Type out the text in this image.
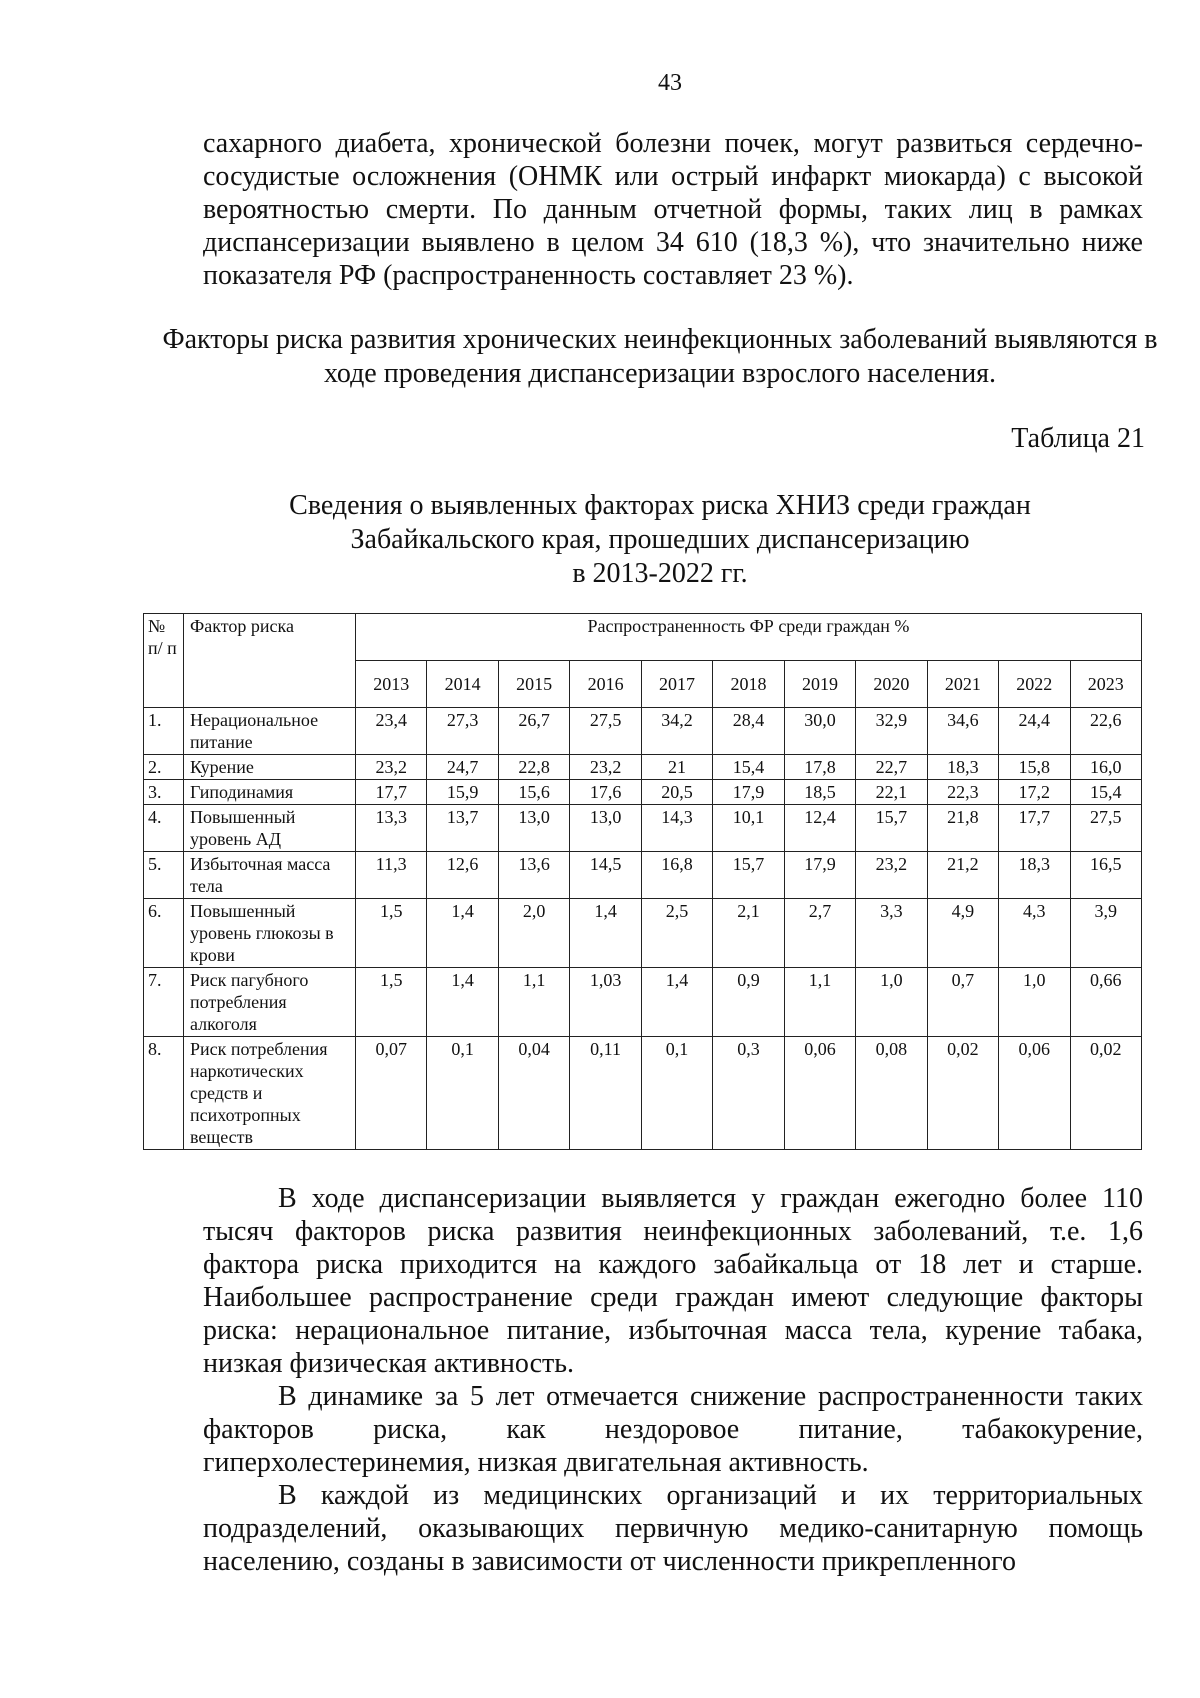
43

сахарного диабета, хронической болезни почек, могут развиться сердечно-сосудистые осложнения (ОНМК или острый инфаркт миокарда) с высокой вероятностью смерти. По данным отчетной формы, таких лиц в рамках диспансеризации выявлено в целом 34 610 (18,3 %), что значительно ниже показателя РФ (распространенность составляет 23 %).

Факторы риска развития хронических неинфекционных заболеваний выявляются в ходе проведения диспансеризации взрослого населения.
Таблица 21
Сведения о выявленных факторах риска ХНИЗ среди граждан
Забайкальского края, прошедших диспансеризацию
в 2013-2022 гг.
№ п/ п	Фактор риска	Распространенность ФР среди граждан %										
		2013	2014	2015	2016	2017	2018	2019	2020	2021	2022	2023
1.	Нерациональное питание	23,4	27,3	26,7	27,5	34,2	28,4	30,0	32,9	34,6	24,4	22,6
2.	Курение	23,2	24,7	22,8	23,2	21	15,4	17,8	22,7	18,3	15,8	16,0
3.	Гиподинамия	17,7	15,9	15,6	17,6	20,5	17,9	18,5	22,1	22,3	17,2	15,4
4.	Повышенный уровень АД	13,3	13,7	13,0	13,0	14,3	10,1	12,4	15,7	21,8	17,7	27,5
5.	Избыточная масса тела	11,3	12,6	13,6	14,5	16,8	15,7	17,9	23,2	21,2	18,3	16,5
6.	Повышенный уровень глюкозы в крови	1,5	1,4	2,0	1,4	2,5	2,1	2,7	3,3	4,9	4,3	3,9
7.	Риск пагубного потребления алкоголя	1,5	1,4	1,1	1,03	1,4	0,9	1,1	1,0	0,7	1,0	0,66
8.	Риск потребления наркотических средств и психотропных веществ	0,07	0,1	0,04	0,11	0,1	0,3	0,06	0,08	0,02	0,06	0,02

В ходе диспансеризации выявляется у граждан ежегодно более 110 тысяч факторов риска развития неинфекционных заболеваний, т.е. 1,6 фактора риска приходится на каждого забайкальца от 18 лет и старше. Наибольшее распространение среди граждан имеют следующие факторы риска: нерациональное питание, избыточная масса тела, курение табака, низкая физическая активность.

В динамике за 5 лет отмечается снижение распространенности таких факторов риска, как нездоровое питание, табакокурение, гиперхолестеринемия, низкая двигательная активность.

В каждой из медицинских организаций и их территориальных подразделений, оказывающих первичную медико-санитарную помощь населению, созданы в зависимости от численности прикрепленного
